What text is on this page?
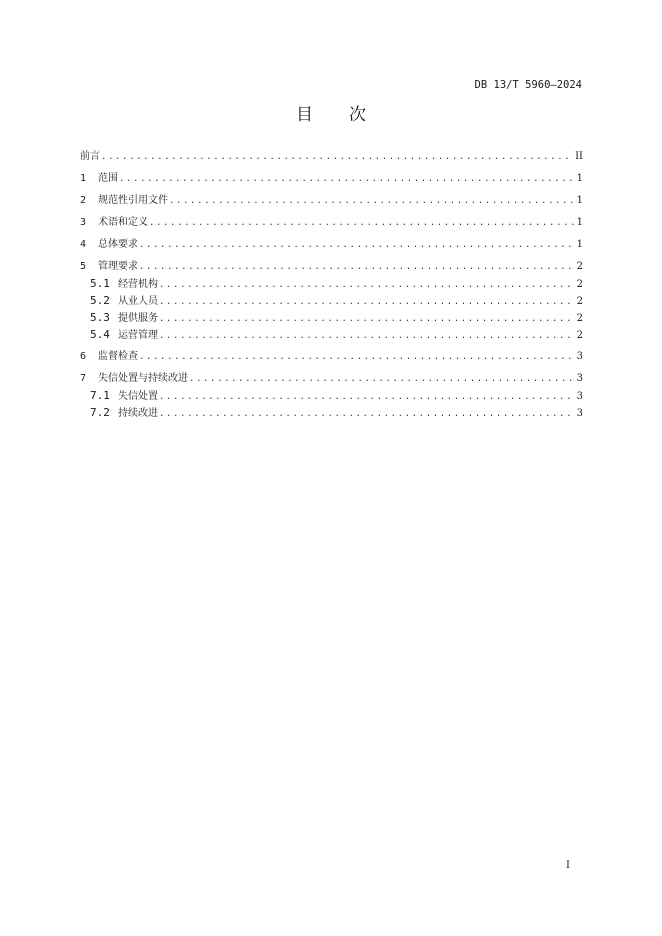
DB 13/T 5960—2024
目 次
前言 .....	II
1	范围 .....	1
2	规范性引用文件 .....	1
3	术语和定义 .....	1
4	总体要求 .....	1
5	管理要求 .....	2
5.1 经营机构 .....	2
5.2 从业人员 .....	2
5.3 提供服务 .....	2
5.4 运营管理 .....	2
6	监督检查 .....	3
7	失信处置与持续改进 .....	3
7.1 失信处置 .....	3
7.2 持续改进 .....	3
I
